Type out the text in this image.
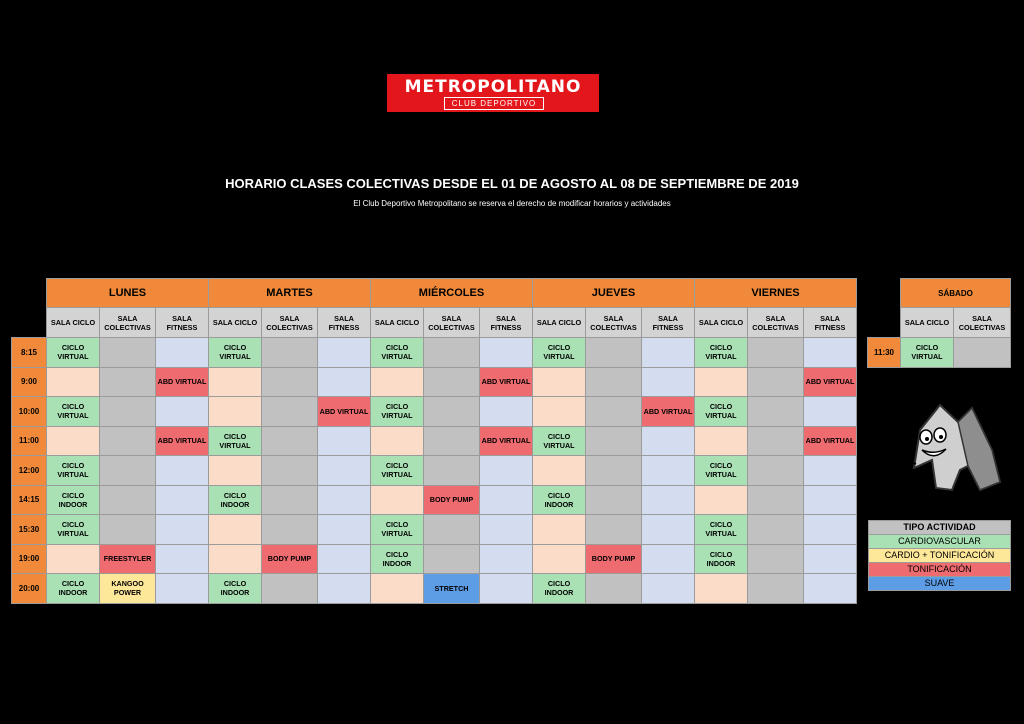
METROPOLITANO
CLUB DEPORTIVO
HORARIO CLASES COLECTIVAS DESDE EL 01 DE AGOSTO AL 08 DE SEPTIEMBRE DE 2019
El Club Deportivo Metropolitano se reserva el derecho de modificar horarios y actividades
	LUNES			MARTES			MIÉRCOLES			JUEVES			VIERNES		
	SALA CICLO	SALA COLECTIVAS	SALA FITNESS	SALA CICLO	SALA COLECTIVAS	SALA FITNESS	SALA CICLO	SALA COLECTIVAS	SALA FITNESS	SALA CICLO	SALA COLECTIVAS	SALA FITNESS	SALA CICLO	SALA COLECTIVAS	SALA FITNESS
8:15	CICLO VIRTUAL			CICLO VIRTUAL			CICLO VIRTUAL			CICLO VIRTUAL			CICLO VIRTUAL		
9:00			ABD VIRTUAL						ABD VIRTUAL						ABD VIRTUAL
10:00	CICLO VIRTUAL					ABD VIRTUAL	CICLO VIRTUAL					ABD VIRTUAL	CICLO VIRTUAL		
11:00			ABD VIRTUAL	CICLO VIRTUAL					ABD VIRTUAL	CICLO VIRTUAL					ABD VIRTUAL
12:00	CICLO VIRTUAL						CICLO VIRTUAL						CICLO VIRTUAL		
14:15	CICLO INDOOR			CICLO INDOOR				BODY PUMP		CICLO INDOOR					
15:30	CICLO VIRTUAL						CICLO VIRTUAL						CICLO VIRTUAL		
19:00		FREESTYLER			BODY PUMP		CICLO INDOOR				BODY PUMP		CICLO INDOOR		
20:00	CICLO INDOOR	KANGOO POWER		CICLO INDOOR				STRETCH		CICLO INDOOR					
	SÁBADO	
	SALA CICLO	SALA COLECTIVAS
11:30	CICLO VIRTUAL	
TIPO ACTIVIDAD
CARDIOVASCULAR
CARDIO + TONIFICACIÓN
TONIFICACIÓN
SUAVE
